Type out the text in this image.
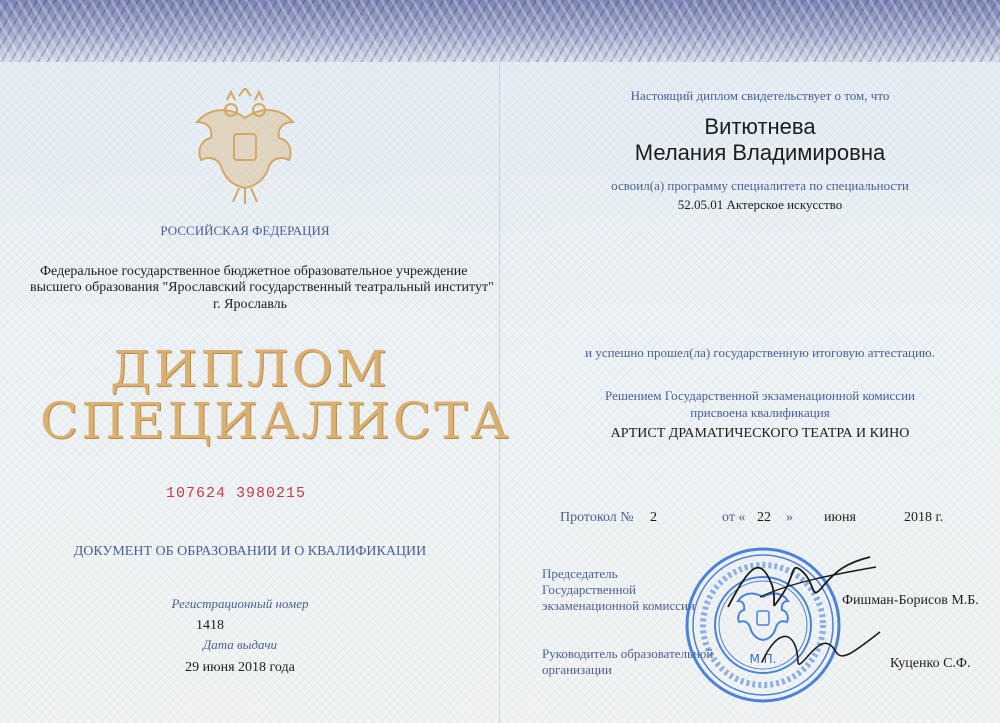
РОССИЙСКАЯ ФЕДЕРАЦИЯ
Федеральное государственное бюджетное образовательное учреждение
высшего образования "Ярославский государственный театральный институт"
г. Ярославль
ДИПЛОМ
СПЕЦИАЛИСТА
107624 3980215
ДОКУМЕНТ ОБ ОБРАЗОВАНИИ И О КВАЛИФИКАЦИИ
Регистрационный номер
1418
Дата выдачи
29 июня 2018 года
Настоящий диплом свидетельствует о том, что
Витютнева
Мелания Владимировна
освоил(а) программу специалитета по специальности
52.05.01 Актерское искусство
и успешно прошел(ла) государственную итоговую аттестацию.
Решением Государственной экзаменационной комиссии
присвоена квалификация
АРТИСТ ДРАМАТИЧЕСКОГО ТЕАТРА И КИНО
Протокол № 2	от « 22 » июня	2018 г.
Председатель
Государственной
экзаменационной комиссии	Фишман-Борисов М.Б.
Руководитель образовательной
организации	Куценко С.Ф.
М.П.
